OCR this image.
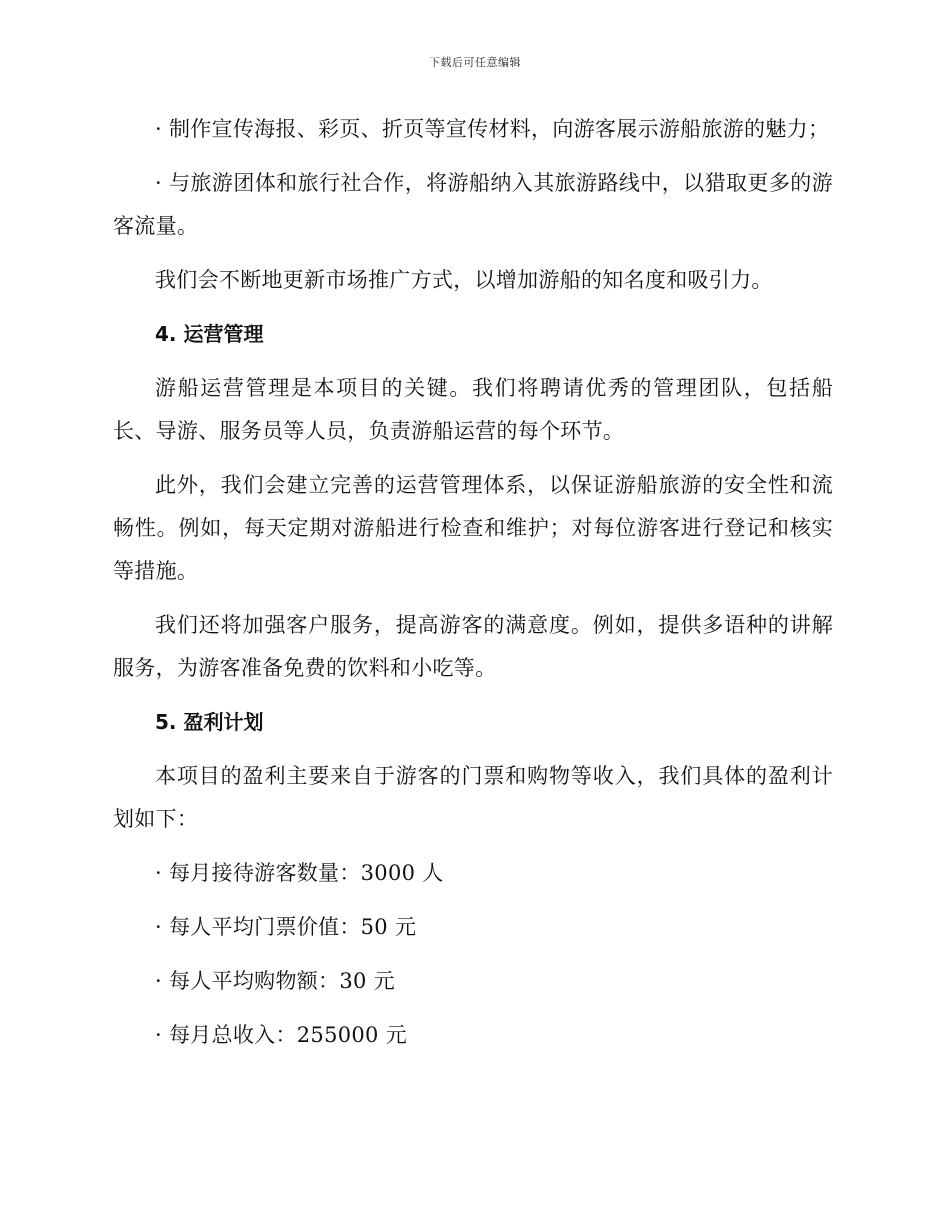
下载后可任意编辑

· 制作宣传海报、彩页、折页等宣传材料，向游客展示游船旅游的魅力；

· 与旅游团体和旅行社合作，将游船纳入其旅游路线中，以猎取更多的游客流量。

我们会不断地更新市场推广方式，以增加游船的知名度和吸引力。

4. 运营管理

游船运营管理是本项目的关键。我们将聘请优秀的管理团队，包括船长、导游、服务员等人员，负责游船运营的每个环节。

此外，我们会建立完善的运营管理体系，以保证游船旅游的安全性和流畅性。例如，每天定期对游船进行检查和维护；对每位游客进行登记和核实等措施。

我们还将加强客户服务，提高游客的满意度。例如，提供多语种的讲解服务，为游客准备免费的饮料和小吃等。

5. 盈利计划

本项目的盈利主要来自于游客的门票和购物等收入，我们具体的盈利计划如下：

· 每月接待游客数量：3000 人

· 每人平均门票价值：50 元

· 每人平均购物额：30 元

· 每月总收入：255000 元
